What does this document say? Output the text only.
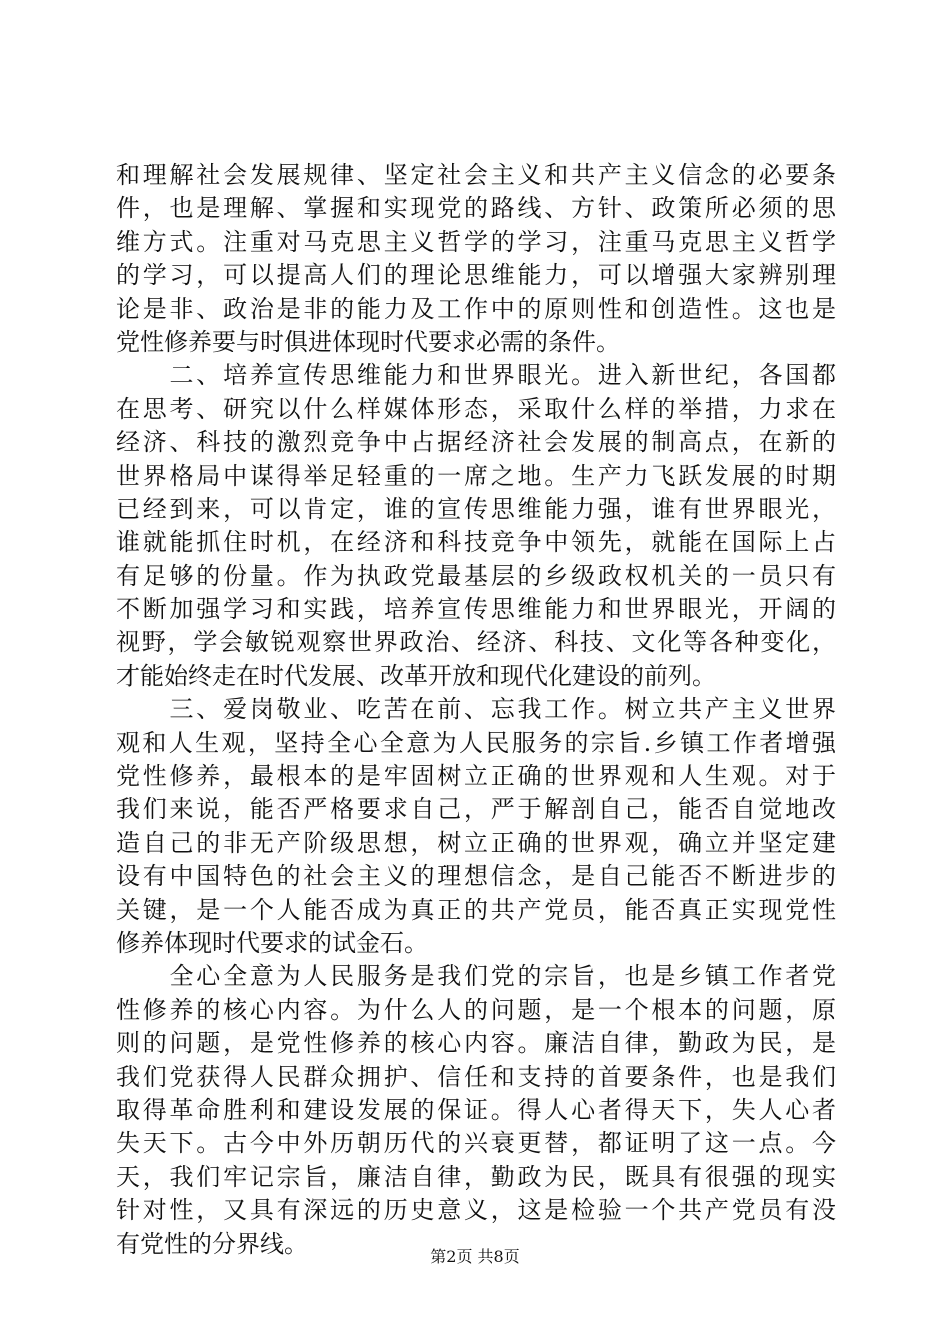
和理解社会发展规律、坚定社会主义和共产主义信念的必要条
件，也是理解、掌握和实现党的路线、方针、政策所必须的思
维方式。注重对马克思主义哲学的学习，注重马克思主义哲学
的学习，可以提高人们的理论思维能力，可以增强大家辨别理
论是非、政治是非的能力及工作中的原则性和创造性。这也是
党性修养要与时俱进体现时代要求必需的条件。
　　二、培养宣传思维能力和世界眼光。进入新世纪，各国都
在思考、研究以什么样媒体形态，采取什么样的举措，力求在
经济、科技的激烈竞争中占据经济社会发展的制高点，在新的
世界格局中谋得举足轻重的一席之地。生产力飞跃发展的时期
已经到来，可以肯定，谁的宣传思维能力强，谁有世界眼光，
谁就能抓住时机，在经济和科技竞争中领先，就能在国际上占
有足够的份量。作为执政党最基层的乡级政权机关的一员只有
不断加强学习和实践，培养宣传思维能力和世界眼光，开阔的
视野，学会敏锐观察世界政治、经济、科技、文化等各种变化，
才能始终走在时代发展、改革开放和现代化建设的前列。
　　三、爱岗敬业、吃苦在前、忘我工作。树立共产主义世界
观和人生观，坚持全心全意为人民服务的宗旨.乡镇工作者增强
党性修养，最根本的是牢固树立正确的世界观和人生观。对于
我们来说，能否严格要求自己，严于解剖自己，能否自觉地改
造自己的非无产阶级思想，树立正确的世界观，确立并坚定建
设有中国特色的社会主义的理想信念，是自己能否不断进步的
关键，是一个人能否成为真正的共产党员，能否真正实现党性
修养体现时代要求的试金石。
　　全心全意为人民服务是我们党的宗旨，也是乡镇工作者党
性修养的核心内容。为什么人的问题，是一个根本的问题，原
则的问题，是党性修养的核心内容。廉洁自律，勤政为民，是
我们党获得人民群众拥护、信任和支持的首要条件，也是我们
取得革命胜利和建设发展的保证。得人心者得天下，失人心者
失天下。古今中外历朝历代的兴衰更替，都证明了这一点。今
天，我们牢记宗旨，廉洁自律，勤政为民，既具有很强的现实
针对性，又具有深远的历史意义，这是检验一个共产党员有没
有党性的分界线。	第2页 共8页
